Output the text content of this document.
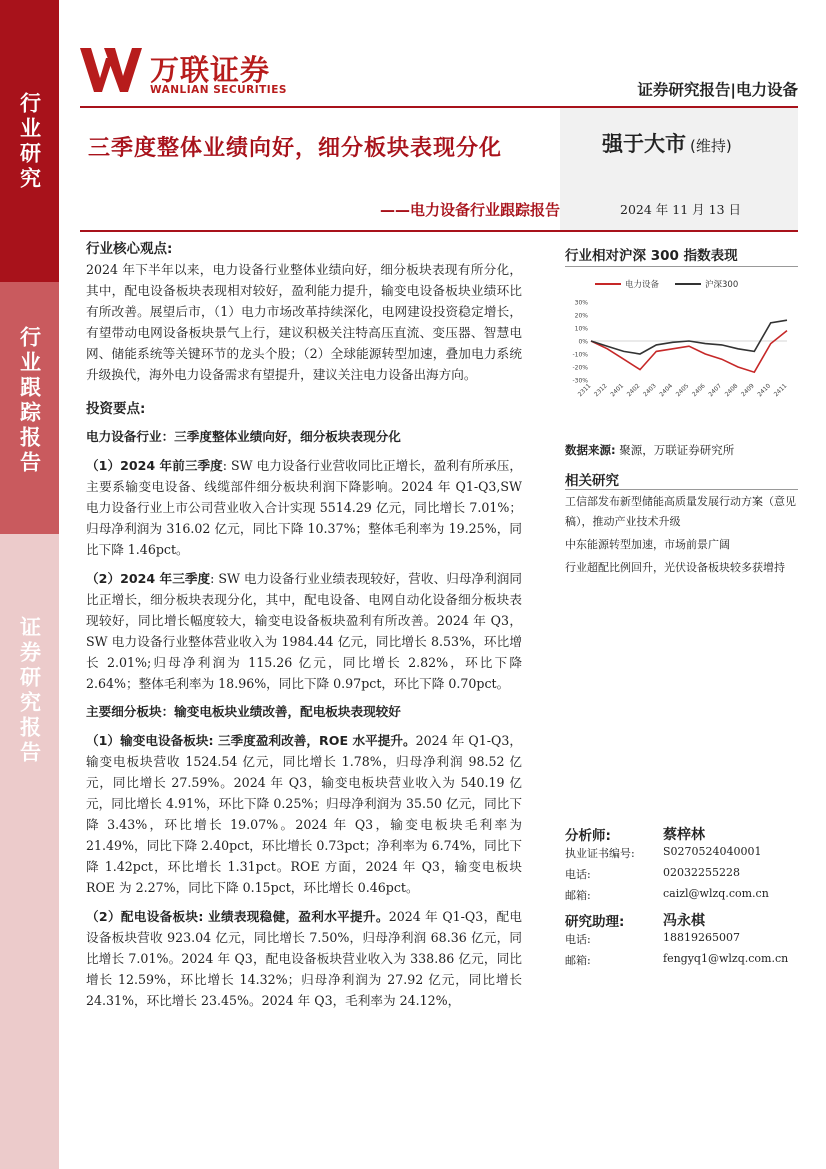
行业研究
行业跟踪报告
证券研究报告
万联证券
WANLIAN SECURITIES	证券研究报告|电力设备
三季度整体业绩向好，细分板块表现分化
——电力设备行业跟踪报告
强于大市 (维持)
2024 年 11 月 13 日
行业核心观点:
2024 年下半年以来，电力设备行业整体业绩向好，细分板块表现有所分化，其中，配电设备板块表现相对较好，盈利能力提升，输变电设备板块业绩环比有所改善。展望后市，（1）电力市场改革持续深化，电网建设投资稳定增长，有望带动电网设备板块景气上行，建议积极关注特高压直流、变压器、智慧电网、储能系统等关键环节的龙头个股；（2）全球能源转型加速，叠加电力系统升级换代，海外电力设备需求有望提升，建议关注电力设备出海方向。
投资要点:
电力设备行业：三季度整体业绩向好，细分板块表现分化
（1）2024 年前三季度: SW 电力设备行业营收同比正增长，盈利有所承压，主要系输变电设备、线缆部件细分板块利润下降影响。2024 年 Q1-Q3,SW 电力设备行业上市公司营业收入合计实现 5514.29 亿元，同比增长 7.01%；归母净利润为 316.02 亿元，同比下降 10.37%；整体毛利率为 19.25%，同比下降 1.46pct。
（2）2024 年三季度: SW 电力设备行业业绩表现较好，营收、归母净利润同比正增长，细分板块表现分化，其中，配电设备、电网自动化设备细分板块表现较好，同比增长幅度较大，输变电设备板块盈利有所改善。2024 年 Q3，SW 电力设备行业整体营业收入为 1984.44 亿元，同比增长 8.53%，环比增长 2.01%;归母净利润为 115.26 亿元，同比增长 2.82%，环比下降 2.64%；整体毛利率为 18.96%，同比下降 0.97pct，环比下降 0.70pct。
主要细分板块：输变电板块业绩改善，配电板块表现较好
（1）输变电设备板块: 三季度盈利改善，ROE 水平提升。2024 年 Q1-Q3，输变电板块营收 1524.54 亿元，同比增长 1.78%，归母净利润 98.52 亿元，同比增长 27.59%。2024 年 Q3，输变电板块营业收入为 540.19 亿元，同比增长 4.91%，环比下降 0.25%；归母净利润为 35.50 亿元，同比下降 3.43%，环比增长 19.07%。2024 年 Q3，输变电板块毛利率为 21.49%，同比下降 2.40pct，环比增长 0.73pct；净利率为 6.74%，同比下降 1.42pct，环比增长 1.31pct。ROE 方面，2024 年 Q3，输变电板块 ROE 为 2.27%，同比下降 0.15pct，环比增长 0.46pct。
（2）配电设备板块: 业绩表现稳健，盈利水平提升。2024 年 Q1-Q3，配电设备板块营收 923.04 亿元，同比增长 7.50%，归母净利润 68.36 亿元，同比增长 7.01%。2024 年 Q3，配电设备板块营业收入为 338.86 亿元，同比增长 12.59%，环比增长 14.32%；归母净利润为 27.92 亿元，同比增长 24.31%，环比增长 23.45%。2024 年 Q3，毛利率为 24.12%，
行业相对沪深 300 指数表现
电力设备	沪深300
30%
20%
10%
0%
-10%
-20%
-30%
2311 2312 2401 2402 2403 2404 2405 2406 2407 2408 2409 2410 2411
数据来源: 聚源，万联证券研究所
相关研究
工信部发布新型储能高质量发展行动方案（意见稿），推动产业技术升级
中东能源转型加速，市场前景广阔
行业超配比例回升，光伏设备板块较多获增持
分析师:	蔡梓林
执业证书编号:	S0270524040001
电话:	02032255228
邮箱:	caizl@wlzq.com.cn
研究助理:	冯永棋
电话:	18819265007
邮箱:	fengyq1@wlzq.com.cn
